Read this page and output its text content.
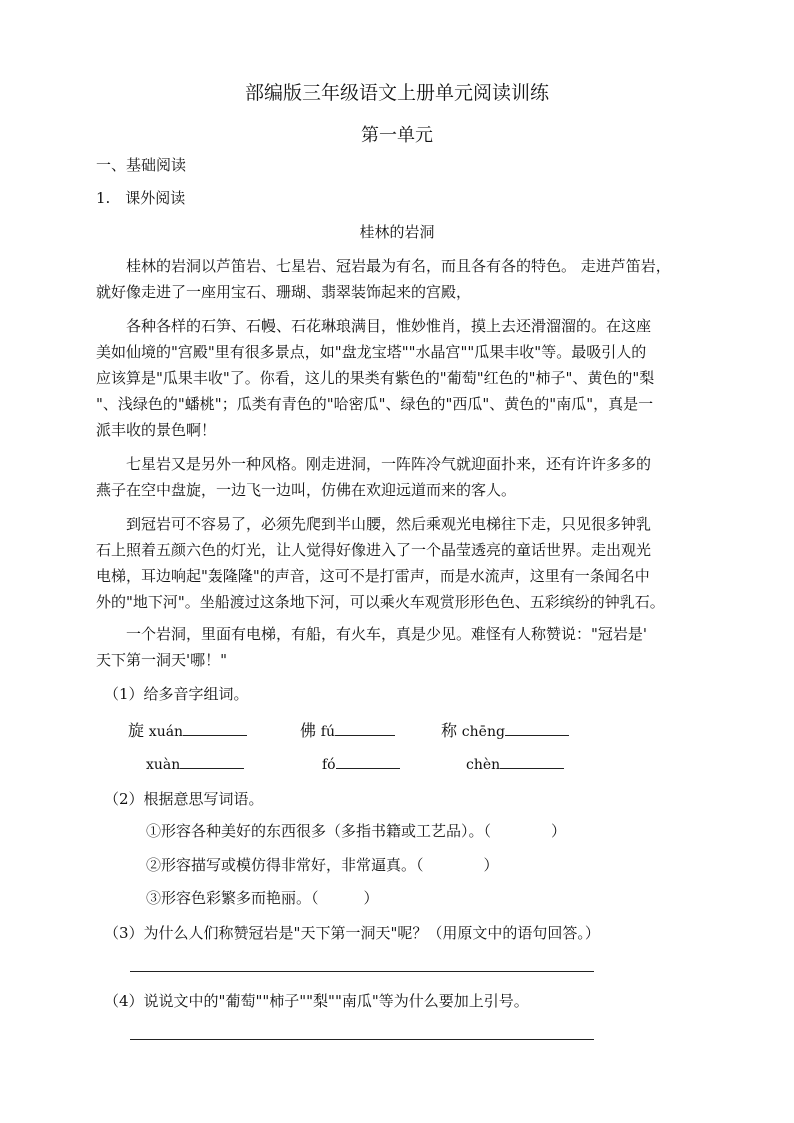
部编版三年级语文上册单元阅读训练
第一单元
一、基础阅读
1.　课外阅读
桂林的岩洞
　　桂林的岩洞以芦笛岩、七星岩、冠岩最为有名，而且各有各的特色。 走进芦笛岩，
就好像走进了一座用宝石、珊瑚、翡翠装饰起来的宫殿，
　　各种各样的石笋、石幔、石花琳琅满目，惟妙惟肖，摸上去还滑溜溜的。在这座
美如仙境的"宫殿"里有很多景点，如"盘龙宝塔""水晶宫""瓜果丰收"等。最吸引人的
应该算是"瓜果丰收"了。你看，这儿的果类有紫色的"葡萄"红色的"柿子"、黄色的"梨
"、浅绿色的"蟠桃"；瓜类有青色的"哈密瓜"、绿色的"西瓜"、黄色的"南瓜"，真是一
派丰收的景色啊！
　　七星岩又是另外一种风格。刚走进洞，一阵阵冷气就迎面扑来，还有许许多多的
燕子在空中盘旋，一边飞一边叫，仿佛在欢迎远道而来的客人。
　　到冠岩可不容易了，必须先爬到半山腰，然后乘观光电梯往下走，只见很多钟乳
石上照着五颜六色的灯光，让人觉得好像进入了一个晶莹透亮的童话世界。走出观光
电梯，耳边响起"轰隆隆"的声音，这可不是打雷声，而是水流声，这里有一条闻名中
外的"地下河"。坐船渡过这条地下河，可以乘火车观赏形形色色、五彩缤纷的钟乳石。
　　一个岩洞，里面有电梯，有船，有火车，真是少见。难怪有人称赞说："冠岩是'
天下第一洞天'哪！"
（1）给多音字组词。
旋 xuán	佛 fú	称 chēng
xuàn	fó	chèn
（2）根据意思写词语。
①形容各种美好的东西很多（多指书籍或工艺品）。（　　　　）
②形容描写或模仿得非常好，非常逼真。（　　　　）
③形容色彩繁多而艳丽。（　　　）
（3）为什么人们称赞冠岩是"天下第一洞天"呢？（用原文中的语句回答。）
（4）说说文中的"葡萄""柿子""梨""南瓜"等为什么要加上引号。
